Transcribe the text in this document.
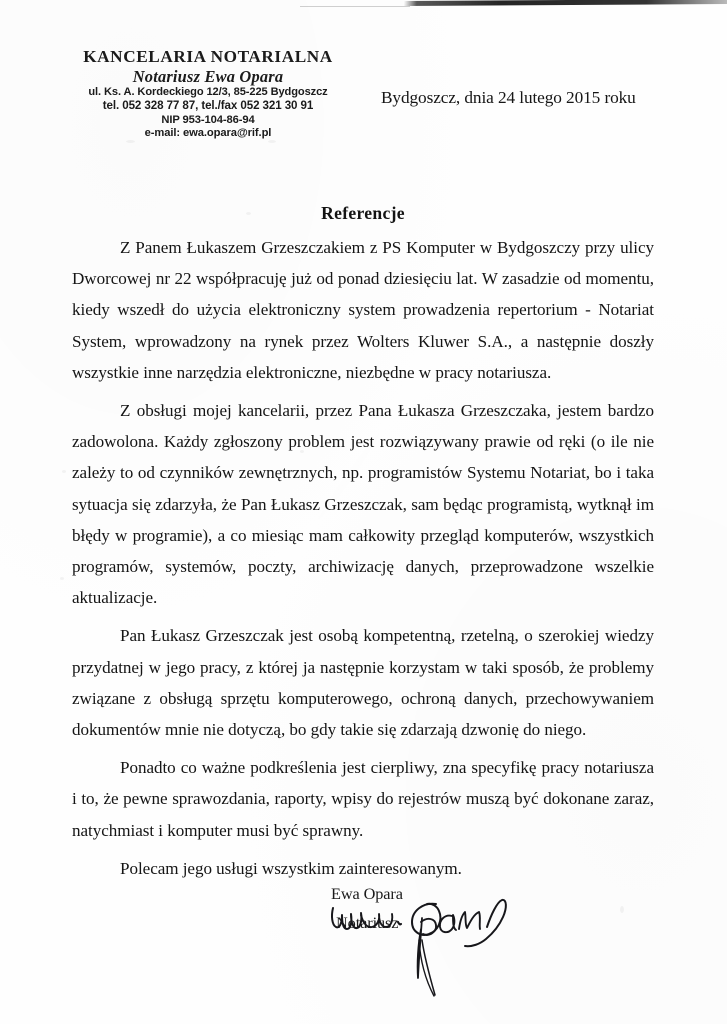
KANCELARIA NOTARIALNA
Notariusz Ewa Opara
ul. Ks. A. Kordeckiego 12/3, 85-225 Bydgoszcz
tel. 052 328 77 87, tel./fax 052 321 30 91
NIP 953-104-86-94
e-mail: ewa.opara@rif.pl
Bydgoszcz, dnia 24 lutego 2015 roku
Referencje

Z Panem Łukaszem Grzeszczakiem z PS Komputer w Bydgoszczy przy ulicy Dworcowej nr 22 współpracuję już od ponad dziesięciu lat. W zasadzie od momentu, kiedy wszedł do użycia elektroniczny system prowadzenia repertorium - Notariat System, wprowadzony na rynek przez Wolters Kluwer S.A., a następnie doszły wszystkie inne narzędzia elektroniczne, niezbędne w pracy notariusza.

Z obsługi mojej kancelarii, przez Pana Łukasza Grzeszczaka, jestem bardzo zadowolona. Każdy zgłoszony problem jest rozwiązywany prawie od ręki (o ile nie zależy to od czynników zewnętrznych, np. programistów Systemu Notariat, bo i taka sytuacja się zdarzyła, że Pan Łukasz Grzeszczak, sam będąc programistą, wytknął im błędy w programie), a co miesiąc mam całkowity przegląd komputerów, wszystkich programów, systemów, poczty, archiwizację danych, przeprowadzone wszelkie aktualizacje.

Pan Łukasz Grzeszczak jest osobą kompetentną, rzetelną, o szerokiej wiedzy przydatnej w jego pracy, z której ja następnie korzystam w taki sposób, że problemy związane z obsługą sprzętu komputerowego, ochroną danych, przechowywaniem dokumentów mnie nie dotyczą, bo gdy takie się zdarzają dzwonię do niego.

Ponadto co ważne podkreślenia jest cierpliwy, zna specyfikę pracy notariusza i to, że pewne sprawozdania, raporty, wpisy do rejestrów muszą być dokonane zaraz, natychmiast i komputer musi być sprawny.

Polecam jego usługi wszystkim zainteresowanym.

Ewa Opara
Notariusz
